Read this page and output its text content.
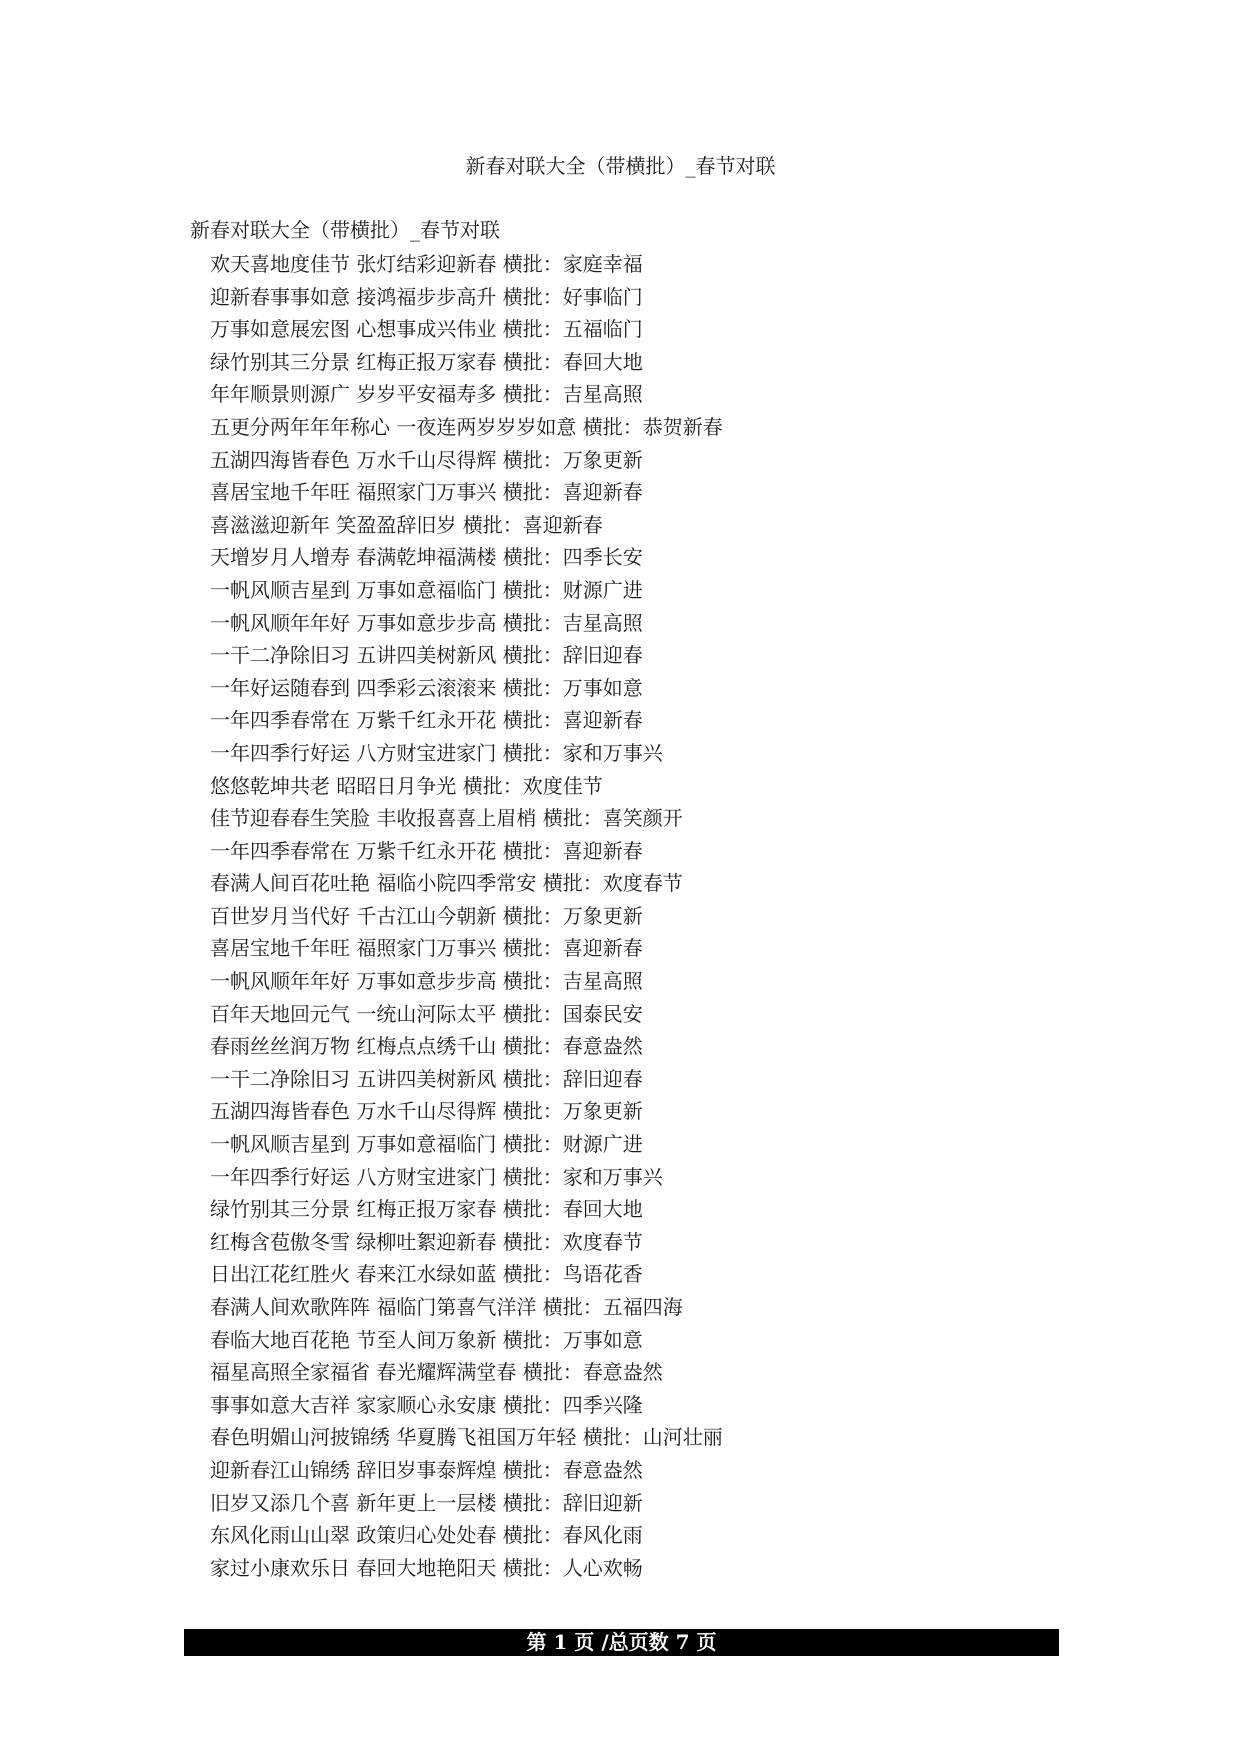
新春对联大全（带横批）_春节对联
新春对联大全（带横批）_春节对联
欢天喜地度佳节 张灯结彩迎新春 横批：家庭幸福
迎新春事事如意 接鸿福步步高升 横批：好事临门
万事如意展宏图 心想事成兴伟业 横批：五福临门
绿竹别其三分景 红梅正报万家春 横批：春回大地
年年顺景则源广 岁岁平安福寿多 横批：吉星高照
五更分两年年年称心 一夜连两岁岁岁如意 横批：恭贺新春
五湖四海皆春色 万水千山尽得辉 横批：万象更新
喜居宝地千年旺 福照家门万事兴 横批：喜迎新春
喜滋滋迎新年 笑盈盈辞旧岁 横批：喜迎新春
天增岁月人增寿 春满乾坤福满楼 横批：四季长安
一帆风顺吉星到 万事如意福临门 横批：财源广进
一帆风顺年年好 万事如意步步高 横批：吉星高照
一干二净除旧习 五讲四美树新风 横批：辞旧迎春
一年好运随春到 四季彩云滚滚来 横批：万事如意
一年四季春常在 万紫千红永开花 横批：喜迎新春
一年四季行好运 八方财宝进家门 横批：家和万事兴
悠悠乾坤共老 昭昭日月争光 横批：欢度佳节
佳节迎春春生笑脸 丰收报喜喜上眉梢 横批：喜笑颜开
一年四季春常在 万紫千红永开花 横批：喜迎新春
春满人间百花吐艳 福临小院四季常安 横批：欢度春节
百世岁月当代好 千古江山今朝新 横批：万象更新
喜居宝地千年旺 福照家门万事兴 横批：喜迎新春
一帆风顺年年好 万事如意步步高 横批：吉星高照
百年天地回元气 一统山河际太平 横批：国泰民安
春雨丝丝润万物 红梅点点绣千山 横批：春意盎然
一干二净除旧习 五讲四美树新风 横批：辞旧迎春
五湖四海皆春色 万水千山尽得辉 横批：万象更新
一帆风顺吉星到 万事如意福临门 横批：财源广进
一年四季行好运 八方财宝进家门 横批：家和万事兴
绿竹别其三分景 红梅正报万家春 横批：春回大地
红梅含苞傲冬雪 绿柳吐絮迎新春 横批：欢度春节
日出江花红胜火 春来江水绿如蓝 横批：鸟语花香
春满人间欢歌阵阵 福临门第喜气洋洋 横批：五福四海
春临大地百花艳 节至人间万象新 横批：万事如意
福星高照全家福省 春光耀辉满堂春 横批：春意盎然
事事如意大吉祥 家家顺心永安康 横批：四季兴隆
春色明媚山河披锦绣 华夏腾飞祖国万年轻 横批：山河壮丽
迎新春江山锦绣 辞旧岁事泰辉煌 横批：春意盎然
旧岁又添几个喜 新年更上一层楼 横批：辞旧迎新
东风化雨山山翠 政策归心处处春 横批：春风化雨
家过小康欢乐日 春回大地艳阳天 横批：人心欢畅
第 1 页 /总页数 7 页
